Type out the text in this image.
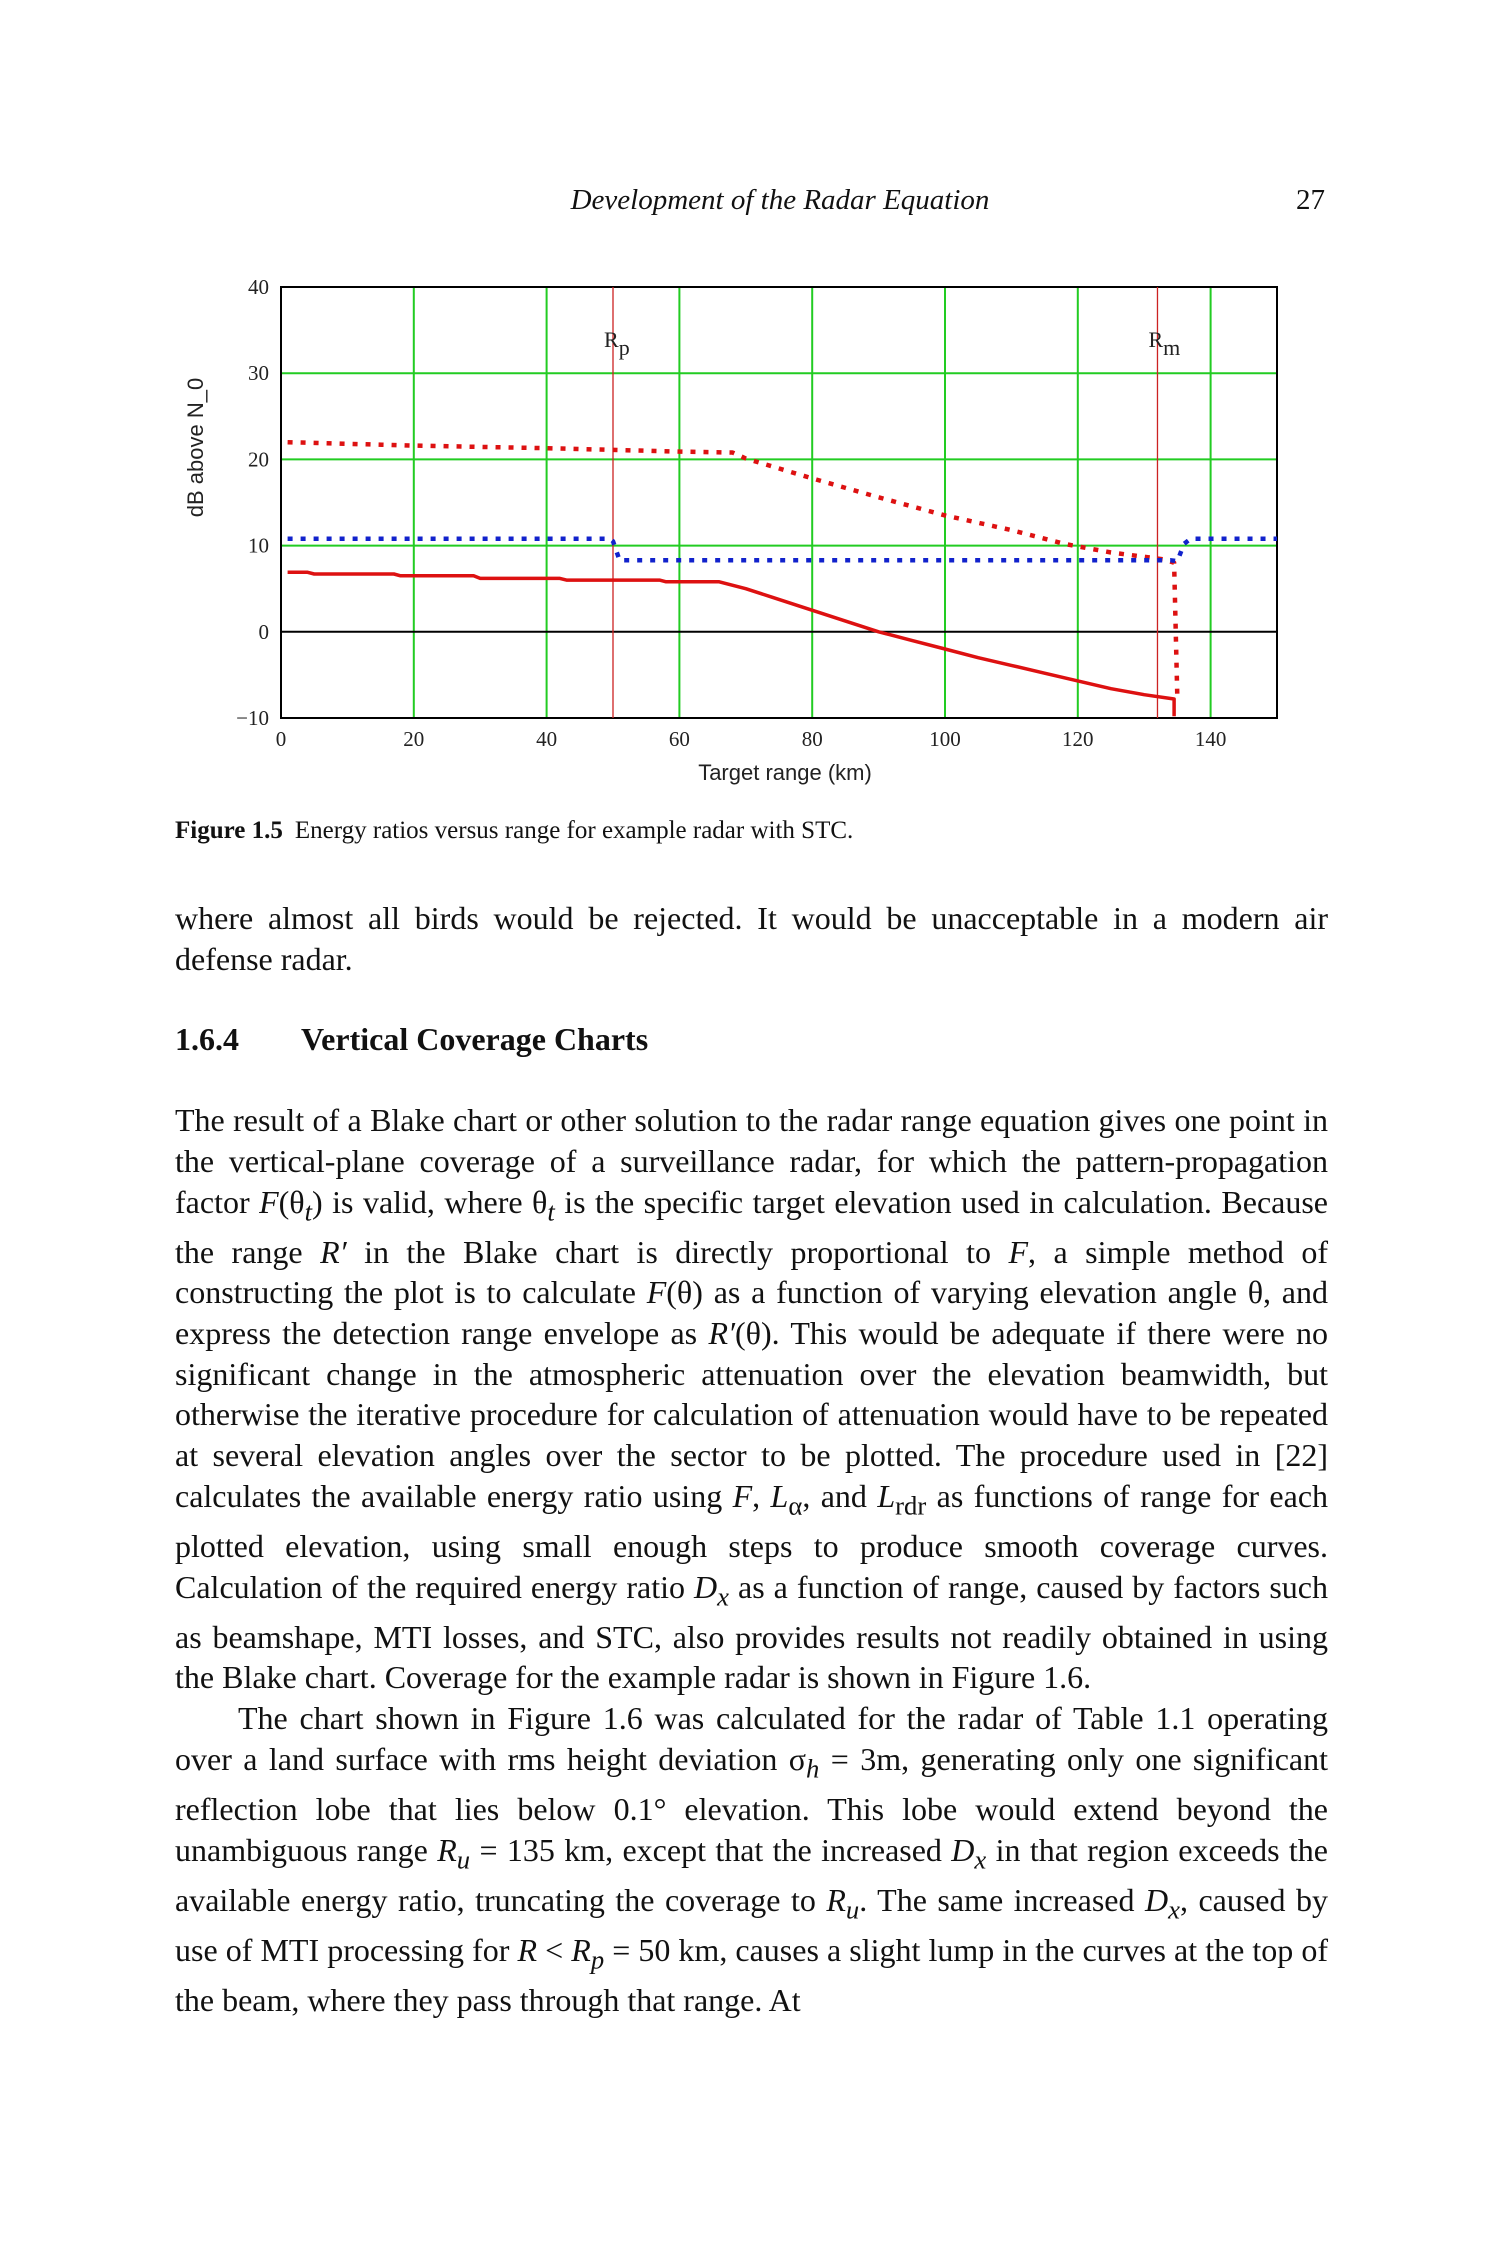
Development of the Radar Equation	27
Rp	Rm
0	20	40	60	80	100	120	140
−10
0
10
20
30
40
Target range (km)
dB above N_0
Figure 1.5 Energy ratios versus range for example radar with STC.

where almost all birds would be rejected. It would be unacceptable in a modern air defense radar.

1.6.4 Vertical Coverage Charts

The result of a Blake chart or other solution to the radar range equation gives one point in the vertical-plane coverage of a surveillance radar, for which the pattern-propagation factor $F(\theta_t)$ is valid, where $\theta_t$ is the specific target elevation used in calculation. Because the range R′ in the Blake chart is directly proportional to F, a simple method of constructing the plot is to calculate F(θ) as a function of varying elevation angle θ, and express the detection range envelope as R′(θ). This would be adequate if there were no significant change in the atmospheric attenuation over the elevation beamwidth, but otherwise the iterative procedure for calculation of attenuation would have to be repeated at several elevation angles over the sector to be plotted. The procedure used in [22] calculates the available energy ratio using F, $L_\alpha$, and $L_{rdr}$ as functions of range for each plotted elevation, using small enough steps to produce smooth coverage curves. Calculation of the required energy ratio $D_x$ as a function of range, caused by factors such as beamshape, MTI losses, and STC, also provides results not readily obtained in using the Blake chart. Coverage for the example radar is shown in Figure 1.6.

The chart shown in Figure 1.6 was calculated for the radar of Table 1.1 operating over a land surface with rms height deviation $\sigma_h = 3m$, generating only one significant reflection lobe that lies below 0.1° elevation. This lobe would extend beyond the unambiguous range $R_u = 135$ km, except that the increased $D_x$ in that region exceeds the available energy ratio, truncating the coverage to $R_u$. The same increased $D_x$, caused by use of MTI processing for $R < R_p = 50$ km, causes a slight lump in the curves at the top of the beam, where they pass through that range. At
